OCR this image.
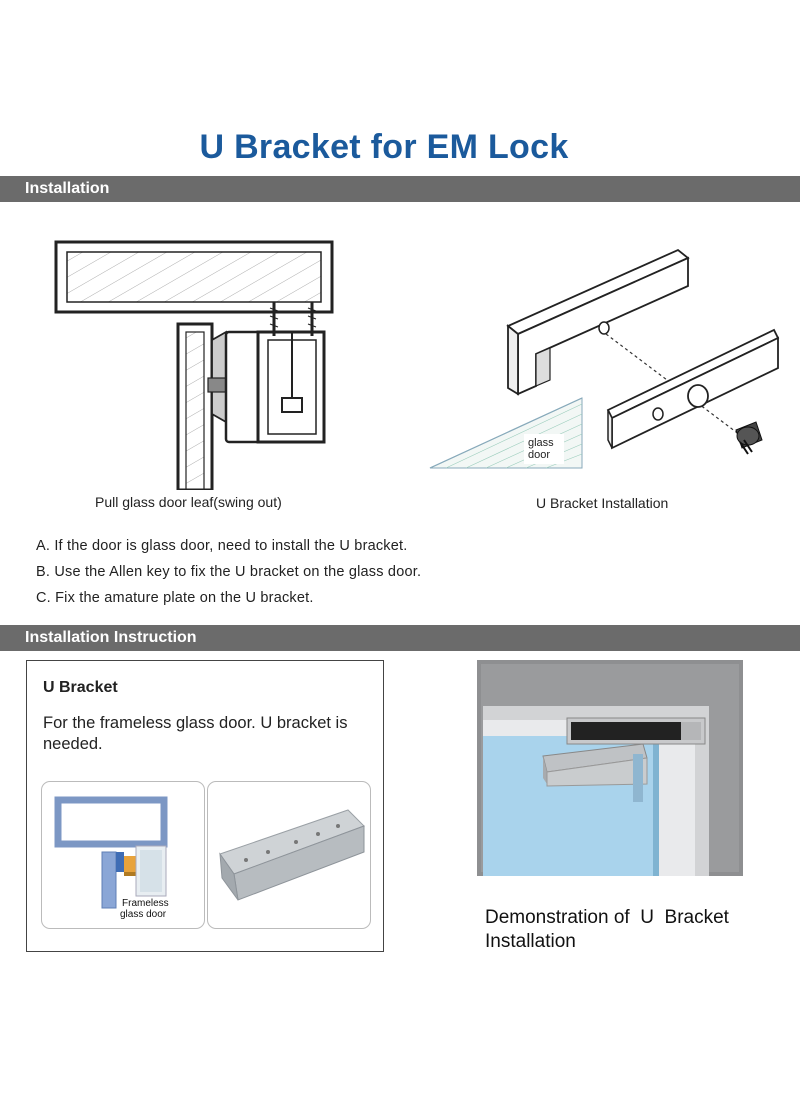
U Bracket for EM Lock
Installation
Pull glass door leaf(swing out)
glass
door
U Bracket Installation
A. If the door is glass door, need to install the U bracket.
B. Use the Allen key to fix the U bracket on the glass door.
C. Fix the amature plate on the U bracket.
Installation Instruction
U Bracket
For the frameless glass door. U bracket is needed.
Frameless
glass door	Demonstration of  U  Bracket
Installation
